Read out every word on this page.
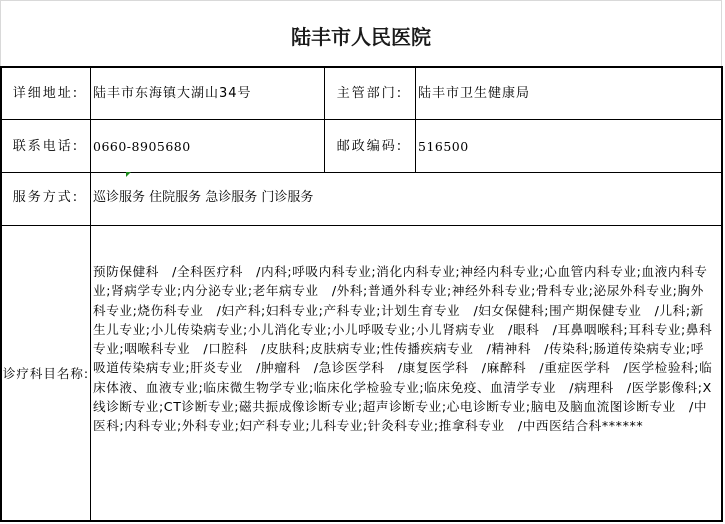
陆丰市人民医院
详细地址:	陆丰市东海镇大湖山34号	主管部门:	陆丰市卫生健康局
联系电话:	0660-8905680	邮政编码:	516500
服务方式:	巡诊服务 住院服务 急诊服务 门诊服务
诊疗科目名称:
预防保健科　/全科医疗科　/内科;呼吸内科专业;消化内科专业;神经内科专业;心血管内科专业;血液内科专业;肾病学专业;内分泌专业;老年病专业　/外科;普通外科专业;神经外科专业;骨科专业;泌尿外科专业;胸外科专业;烧伤科专业　/妇产科;妇科专业;产科专业;计划生育专业　/妇女保健科;围产期保健专业　/儿科;新生儿专业;小儿传染病专业;小儿消化专业;小儿呼吸专业;小儿肾病专业　/眼科　/耳鼻咽喉科;耳科专业;鼻科专业;咽喉科专业　/口腔科　/皮肤科;皮肤病专业;性传播疾病专业　/精神科　/传染科;肠道传染病专业;呼吸道传染病专业;肝炎专业　/肿瘤科　/急诊医学科　/康复医学科　/麻醉科　/重症医学科　/医学检验科;临床体液、血液专业;临床微生物学专业;临床化学检验专业;临床免疫、血清学专业　/病理科　/医学影像科;X线诊断专业;CT诊断专业;磁共振成像诊断专业;超声诊断专业;心电诊断专业;脑电及脑血流图诊断专业　/中医科;内科专业;外科专业;妇产科专业;儿科专业;针灸科专业;推拿科专业　/中西医结合科******
